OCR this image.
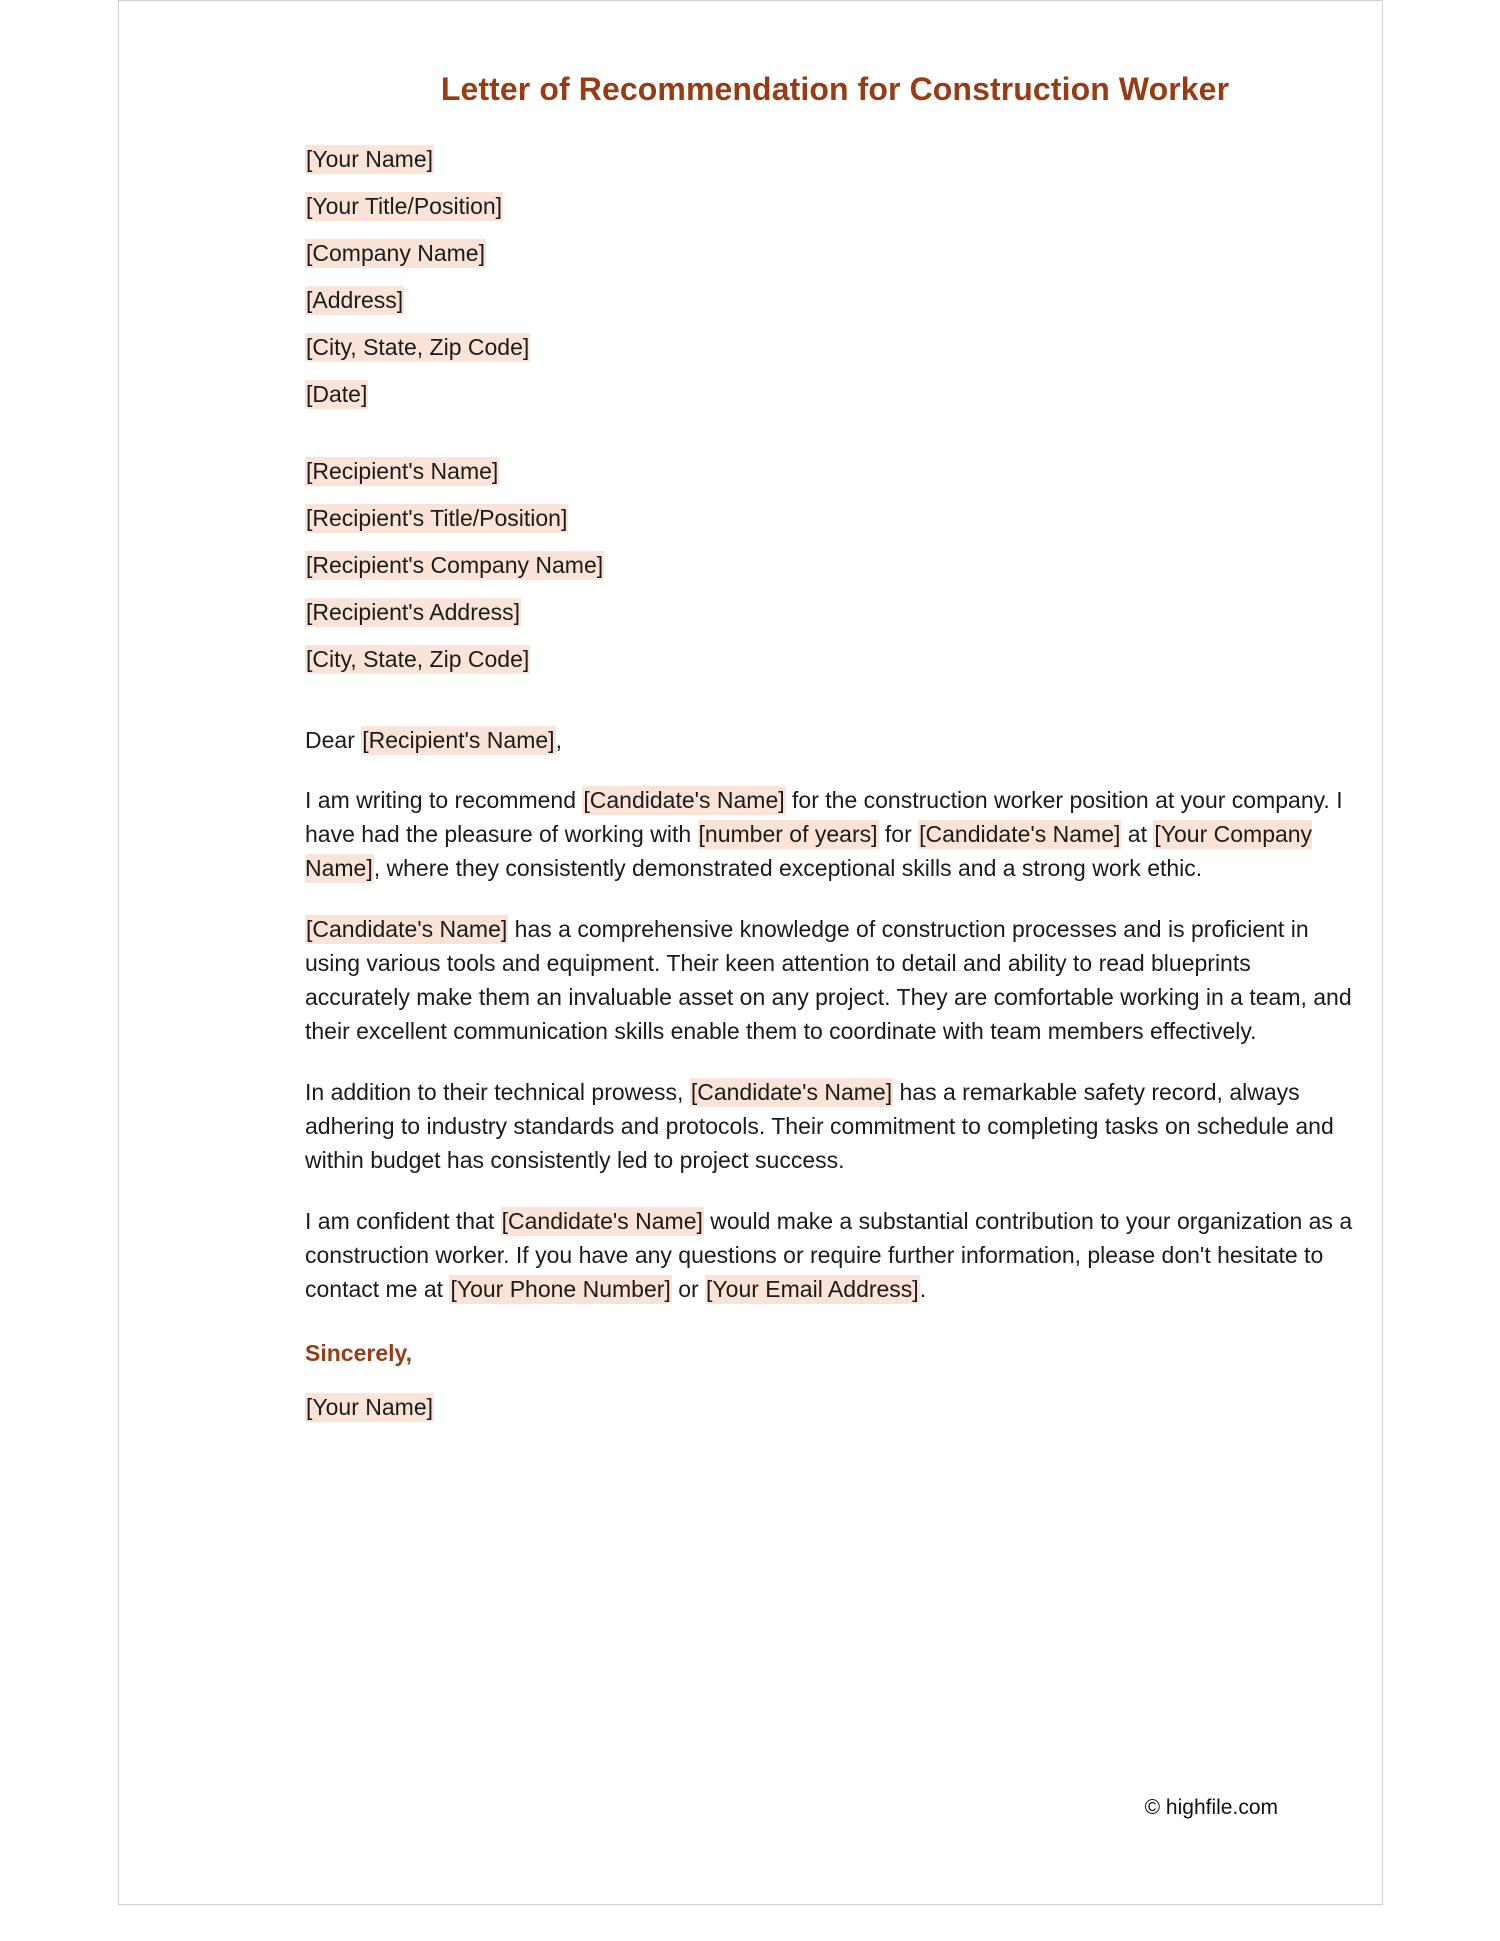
Letter of Recommendation for Construction Worker

[Your Name]

[Your Title/Position]

[Company Name]

[Address]

[City, State, Zip Code]

[Date]

[Recipient's Name]

[Recipient's Title/Position]

[Recipient's Company Name]

[Recipient's Address]

[City, State, Zip Code]

Dear [Recipient's Name],

I am writing to recommend [Candidate's Name] for the construction worker position at your company. I have had the pleasure of working with [number of years] for [Candidate's Name] at [Your Company Name], where they consistently demonstrated exceptional skills and a strong work ethic.

[Candidate's Name] has a comprehensive knowledge of construction processes and is proficient in using various tools and equipment. Their keen attention to detail and ability to read blueprints accurately make them an invaluable asset on any project. They are comfortable working in a team, and their excellent communication skills enable them to coordinate with team members effectively.

In addition to their technical prowess, [Candidate's Name] has a remarkable safety record, always adhering to industry standards and protocols. Their commitment to completing tasks on schedule and within budget has consistently led to project success.

I am confident that [Candidate's Name] would make a substantial contribution to your organization as a construction worker. If you have any questions or require further information, please don't hesitate to contact me at [Your Phone Number] or [Your Email Address].

Sincerely,

[Your Name]

© highfile.com
